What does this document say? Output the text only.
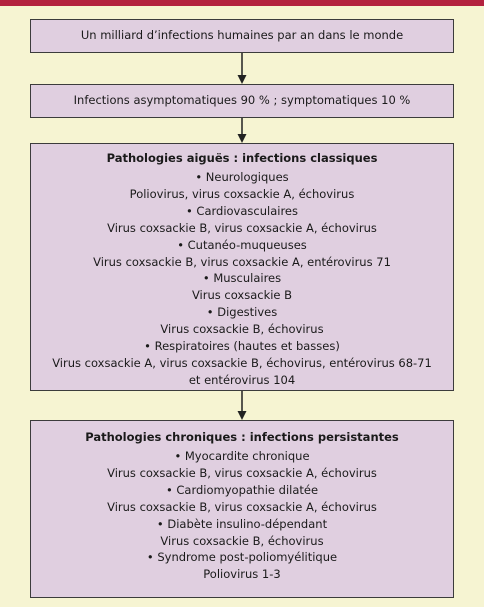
Un milliard d’infections humaines par an dans le monde
Infections asymptomatiques 90 % ; symptomatiques 10 %
Pathologies aiguës : infections classiques
• Neurologiques
Poliovirus, virus coxsackie A, échovirus
• Cardiovasculaires
Virus coxsackie B, virus coxsackie A, échovirus
• Cutanéo-muqueuses
Virus coxsackie B, virus coxsackie A, entérovirus 71
• Musculaires
Virus coxsackie B
• Digestives
Virus coxsackie B, échovirus
• Respiratoires (hautes et basses)
Virus coxsackie A, virus coxsackie B, échovirus, entérovirus 68-71
et entérovirus 104
Pathologies chroniques : infections persistantes
• Myocardite chronique
Virus coxsackie B, virus coxsackie A, échovirus
• Cardiomyopathie dilatée
Virus coxsackie B, virus coxsackie A, échovirus
• Diabète insulino-dépendant
Virus coxsackie B, échovirus
• Syndrome post-poliomyélitique
Poliovirus 1-3
